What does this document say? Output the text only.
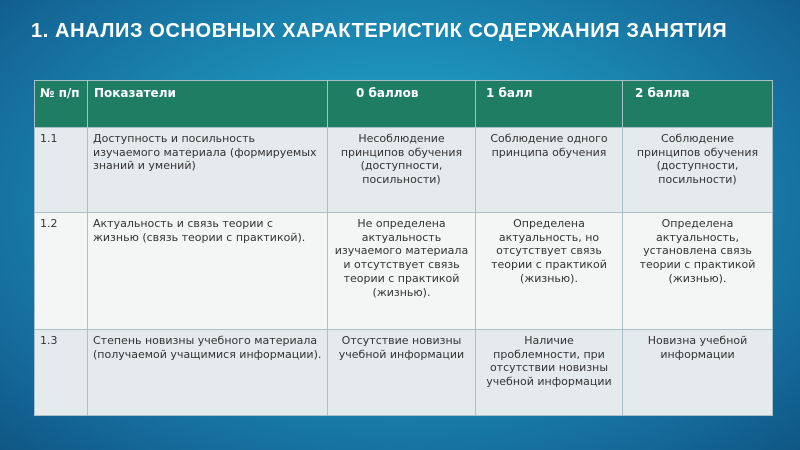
1. АНАЛИЗ ОСНОВНЫХ ХАРАКТЕРИСТИК СОДЕРЖАНИЯ ЗАНЯТИЯ
№ п/п	Показатели	0 баллов	1 балл	2 балла
1.1	Доступность и посильность изучаемого материала (формируемых знаний и умений)	Несоблюдение принципов обучения (доступности, посильности)	Соблюдение одного принципа обучения	Соблюдение принципов обучения (доступности, посильности)
1.2	Актуальность и связь теории с жизнью (связь теории с практикой).	Не определена актуальность изучаемого материала и отсутствует связь теории с практикой (жизнью).	Определена актуальность, но отсутствует связь теории с практикой (жизнью).	Определена актуальность, установлена связь теории с практикой (жизнью).
1.3	Степень новизны учебного материала (получаемой учащимися информации).	Отсутствие новизны учебной информации	Наличие проблемности, при отсутствии новизны учебной информации	Новизна учебной информации
